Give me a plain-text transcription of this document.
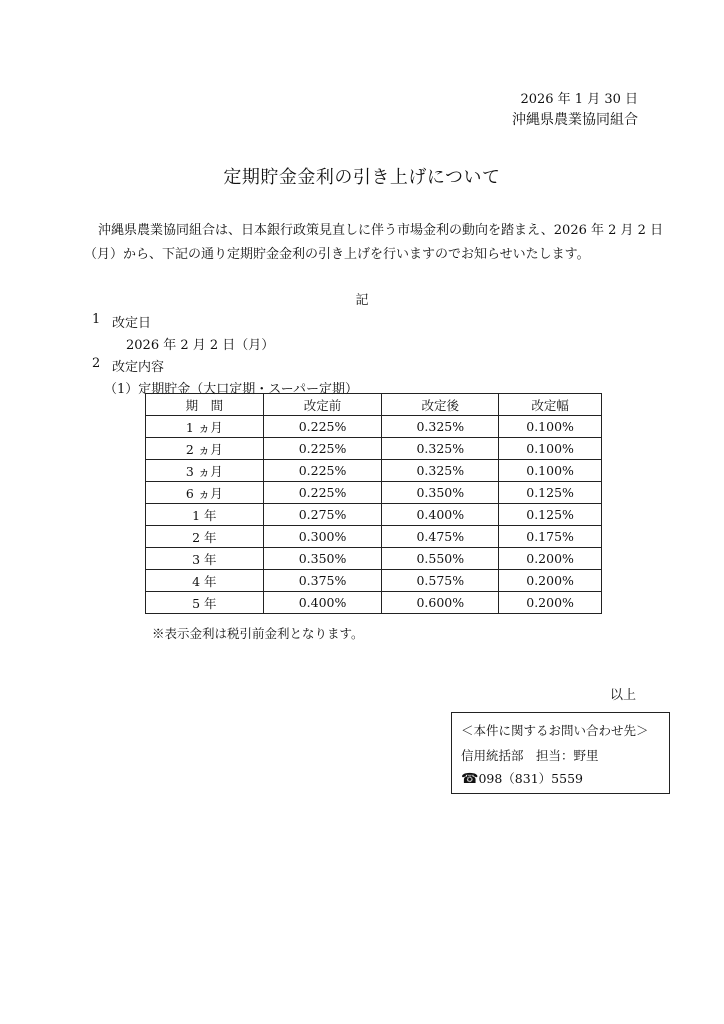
2026 年 1 月 30 日
沖縄県農業協同組合
定期貯金金利の引き上げについて
沖縄県農業協同組合は、日本銀行政策見直しに伴う市場金利の動向を踏まえ、2026 年 2 月 2 日
（月）から、下記の通り定期貯金金利の引き上げを行いますのでお知らせいたします。
記
1 改定日
2026 年 2 月 2 日（月）
2 改定内容
（1）定期貯金（大口定期・スーパー定期）
期　間	改定前	改定後	改定幅
1 ヵ月	0.225%	0.325%	0.100%
2 ヵ月	0.225%	0.325%	0.100%
3 ヵ月	0.225%	0.325%	0.100%
6 ヵ月	0.225%	0.350%	0.125%
1 年	0.275%	0.400%	0.125%
2 年	0.300%	0.475%	0.175%
3 年	0.350%	0.550%	0.200%
4 年	0.375%	0.575%	0.200%
5 年	0.400%	0.600%	0.200%
※表示金利は税引前金利となります。
以上
＜本件に関するお問い合わせ先＞
信用統括部　担当：野里
☎098（831）5559
